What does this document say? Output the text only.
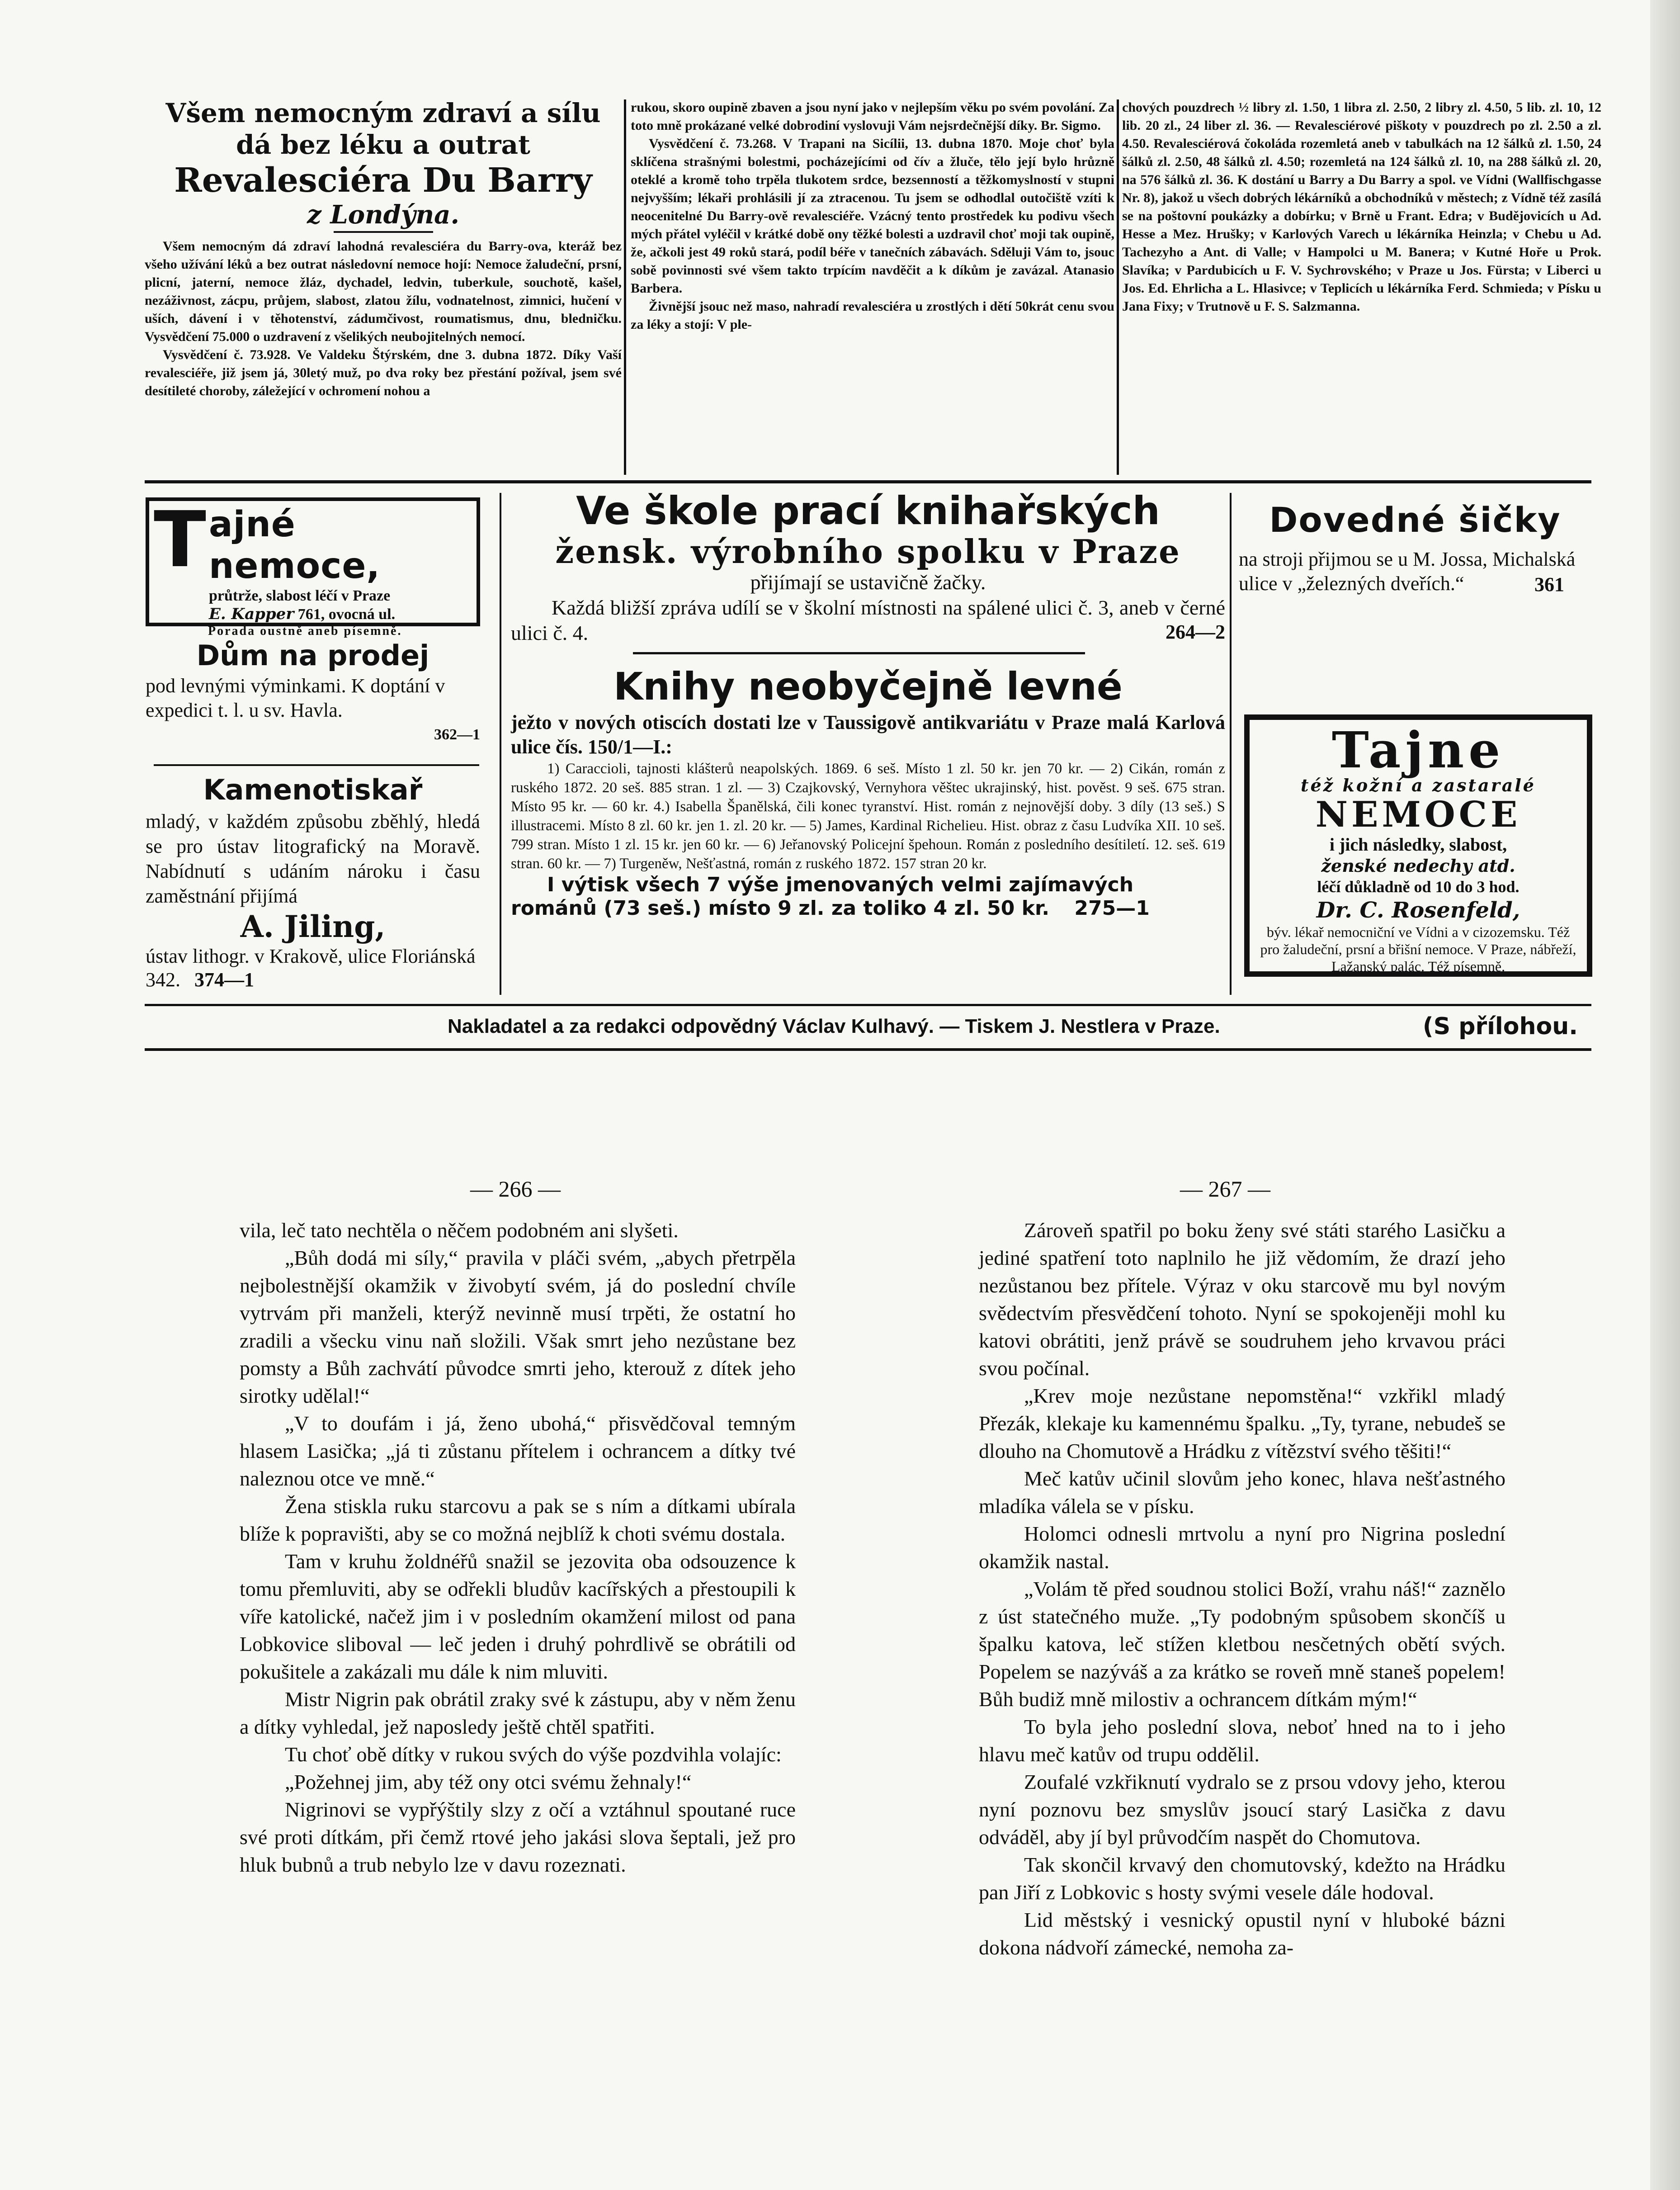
Všem nemocným zdraví a sílu
dá bez léku a outrat
Revalesciéra Du Barry
z Londýna.

Všem nemocným dá zdraví lahodná revalesciéra du Barry-ova, kteráž bez všeho užívání léků a bez outrat následovní nemoce hojí: Nemoce žaludeční, prsní, plicní, jaterní, nemoce žláz, dychadel, ledvin, tuberkule, souchotě, kašel, nezáživnost, zácpu, průjem, slabost, zlatou žílu, vodnatelnost, zimnici, hučení v uších, dávení i v těhotenství, zádumčivost, roumatismus, dnu, bledničku. Vysvědčení 75.000 o uzdravení z všelikých neubojitelných nemocí.

Vysvědčení č. 73.928. Ve Valdeku Štýrském, dne 3. dubna 1872. Díky Vaší revalesciéře, již jsem já, 30letý muž, po dva roky bez přestání požíval, jsem své desítileté choroby, záležející v ochromení nohou a

rukou, skoro oupině zbaven a jsou nyní jako v nejlepším věku po svém povolání. Za toto mně prokázané velké dobrodiní vyslovuji Vám nejsrdečnější díky. Br. Sigmo.

Vysvědčení č. 73.268. V Trapani na Sicílii, 13. dubna 1870. Moje choť byla sklíčena strašnými bolestmi, pocházejícími od čív a žluče, tělo její bylo hrůzně oteklé a kromě toho trpěla tlukotem srdce, bezsenností a těžkomyslností v stupni nejvyšším; lékaři prohlásili jí za ztracenou. Tu jsem se odhodlal outočiště vzíti k neocenitelné Du Barry-ově revalesciéře. Vzácný tento prostředek ku podivu všech mých přátel vyléčil v krátké době ony těžké bolesti a uzdravil choť moji tak oupině, že, ačkoli jest 49 roků stará, podíl béře v tanečních zábavách. Sděluji Vám to, jsouc sobě povinnosti své všem takto trpícím navděčit a k díkům je zavázal. Atanasio Barbera.

Živnější jsouc než maso, nahradí revalesciéra u zrostlých i dětí 50krát cenu svou za léky a stojí: V ple-

chových pouzdrech ½ libry zl. 1.50, 1 libra zl. 2.50, 2 libry zl. 4.50, 5 lib. zl. 10, 12 lib. 20 zl., 24 liber zl. 36. — Revalesciérové piškoty v pouzdrech po zl. 2.50 a zl. 4.50. Revalesciérová čokoláda rozemletá aneb v tabulkách na 12 šálků zl. 1.50, 24 šálků zl. 2.50, 48 šálků zl. 4.50; rozemletá na 124 šálků zl. 10, na 288 šálků zl. 20, na 576 šálků zl. 36. K dostání u Barry a Du Barry a spol. ve Vídni (Wallfischgasse Nr. 8), jakož u všech dobrých lékárníků a obchodníků v městech; z Vídně též zasílá se na poštovní poukázky a dobírku; v Brně u Frant. Edra; v Budějovicích u Ad. Hesse a Mez. Hrušky; v Karlových Varech u lékárníka Heinzla; v Chebu u Ad. Tachezyho a Ant. di Valle; v Hampolci u M. Banera; v Kutné Hoře u Prok. Slavíka; v Pardubicích u F. V. Sychrovského; v Praze u Jos. Fürsta; v Liberci u Jos. Ed. Ehrlicha a L. Hlasivce; v Teplicích u lékárníka Ferd. Schmieda; v Písku u Jana Fixy; v Trutnově u F. S. Salzmanna.

T ajné nemoce,
průtrže, slabost léčí v Praze
E. Kapper 761, ovocná ul.
Porada oustně aneb písemně.
Dům na prodej
pod levnými výminkami. K doptání v expedici t. l. u sv. Havla.
362—1
Kamenotiskař
mladý, v každém způsobu zběhlý, hledá se pro ústav litografický na Moravě. Nabídnutí s udáním nároku i času zaměstnání přijímá
A. Jiling,
ústav lithogr. v Krakově, ulice Floriánská 342. 374—1
Ve škole prací knihařských
žensk. výrobního spolku v Praze
přijímají se ustavičně žačky.
Každá bližší zpráva udílí se v školní místnosti na spálené ulici č. 3, aneb v černé ulici č. 4.	264—2
Knihy neobyčejně levné
ježto v nových otiscích dostati lze v Taussigově antikvariátu v Praze malá Karlová ulice čís. 150/1—I.:
1) Caraccioli, tajnosti klášterů neapolských. 1869. 6 seš. Místo 1 zl. 50 kr. jen 70 kr. — 2) Cikán, román z ruského 1872. 20 seš. 885 stran. 1 zl. — 3) Czajkovský, Vernyhora věštec ukrajinský, hist. pověst. 9 seš. 675 stran. Místo 95 kr. — 60 kr. 4.) Isabella Španělská, čili konec tyranství. Hist. román z nejnovější doby. 3 díly (13 seš.) S illustracemi. Místo 8 zl. 60 kr. jen 1. zl. 20 kr. — 5) James, Kardinal Richelieu. Hist. obraz z času Ludvíka XII. 10 seš. 799 stran. Místo 1 zl. 15 kr. jen 60 kr. — 6) Jeřanovský Policejní špehoun. Román z posledního desítiletí. 12. seš. 619 stran. 60 kr. — 7) Turgeněw, Nešťastná, román z ruského 1872. 157 stran 20 kr.
I výtisk všech 7 výše jmenovaných velmi zajímavých
románů (73 seš.) místo 9 zl. za toliko 4 zl. 50 kr. 275—1
Dovedné šičky
na stroji přijmou se u M. Jossa, Michalská ulice v „železných dveřích.“	361
Tajne
též kožní a zastaralé
NEMOCE
i jich následky, slabost,
ženské nedechy atd.
léčí důkladně od 10 do 3 hod.
Dr. C. Rosenfeld,
býv. lékař nemocniční ve Vídni a v cizozemsku. Též pro žaludeční, prsní a břišní nemoce. V Praze, nábřeží, Lažanský palác. Též písemně.
Nakladatel a za redakci odpovědný Václav Kulhavý. — Tiskem J. Nestlera v Praze.	(S přílohou.
— 266 —

vila, leč tato nechtěla o něčem podobném ani slyšeti.

„Bůh dodá mi síly,“ pravila v pláči svém, „abych přetrpěla nejbolestnější okamžik v živobytí svém, já do poslední chvíle vytrvám při manželi, kterýž nevinně musí trpěti, že ostatní ho zradili a všecku vinu naň složili. Však smrt jeho nezůstane bez pomsty a Bůh zachvátí původce smrti jeho, kterouž z dítek jeho sirotky udělal!“

„V to doufám i já, ženo ubohá,“ přisvědčoval temným hlasem Lasička; „já ti zůstanu přítelem i ochrancem a dítky tvé naleznou otce ve mně.“

Žena stiskla ruku starcovu a pak se s ním a dítkami ubírala blíže k popravišti, aby se co možná nejblíž k choti svému dostala.

Tam v kruhu žoldnéřů snažil se jezovita oba odsouzence k tomu přemluviti, aby se odřekli bludův kacířských a přestoupili k víře katolické, načež jim i v posledním okamžení milost od pana Lobkovice sliboval — leč jeden i druhý pohrdlivě se obrátili od pokušitele a zakázali mu dále k nim mluviti.

Mistr Nigrin pak obrátil zraky své k zástupu, aby v něm ženu a dítky vyhledal, jež naposledy ještě chtěl spatřiti.

Tu choť obě dítky v rukou svých do výše pozdvihla volajíc:

„Požehnej jim, aby též ony otci svému žehnaly!“

Nigrinovi se vypřýštily slzy z očí a vztáhnul spoutané ruce své proti dítkám, při čemž rtové jeho jakási slova šeptali, jež pro hluk bubnů a trub nebylo lze v davu rozeznati.

— 267 —

Zároveň spatřil po boku ženy své státi starého Lasičku a jediné spatření toto naplnilo he již vědomím, že drazí jeho nezůstanou bez přítele. Výraz v oku starcově mu byl novým svědectvím přesvědčení tohoto. Nyní se spokojeněji mohl ku katovi obrátiti, jenž právě se soudruhem jeho krvavou práci svou počínal.

„Krev moje nezůstane nepomstěna!“ vzkřikl mladý Přezák, klekaje ku kamennému špalku. „Ty, tyrane, nebudeš se dlouho na Chomutově a Hrádku z vítězství svého těšiti!“

Meč katův učinil slovům jeho konec, hlava nešťastného mladíka válela se v písku.

Holomci odnesli mrtvolu a nyní pro Nigrina poslední okamžik nastal.

„Volám tě před soudnou stolici Boží, vrahu náš!“ zaznělo z úst statečného muže. „Ty podobným spůsobem skončíš u špalku katova, leč stížen kletbou nesčetných obětí svých. Popelem se nazýváš a za krátko se roveň mně staneš popelem! Bůh budiž mně milostiv a ochrancem dítkám mým!“

To byla jeho poslední slova, neboť hned na to i jeho hlavu meč katův od trupu oddělil.

Zoufalé vzkřiknutí vydralo se z prsou vdovy jeho, kterou nyní poznovu bez smyslův jsoucí starý Lasička z davu odváděl, aby jí byl průvodčím naspět do Chomutova.

Tak skončil krvavý den chomutovský, kdežto na Hrádku pan Jiří z Lobkovic s hosty svými vesele dále hodoval.

Lid městský i vesnický opustil nyní v hluboké bázni dokona nádvoří zámecké, nemoha za-
